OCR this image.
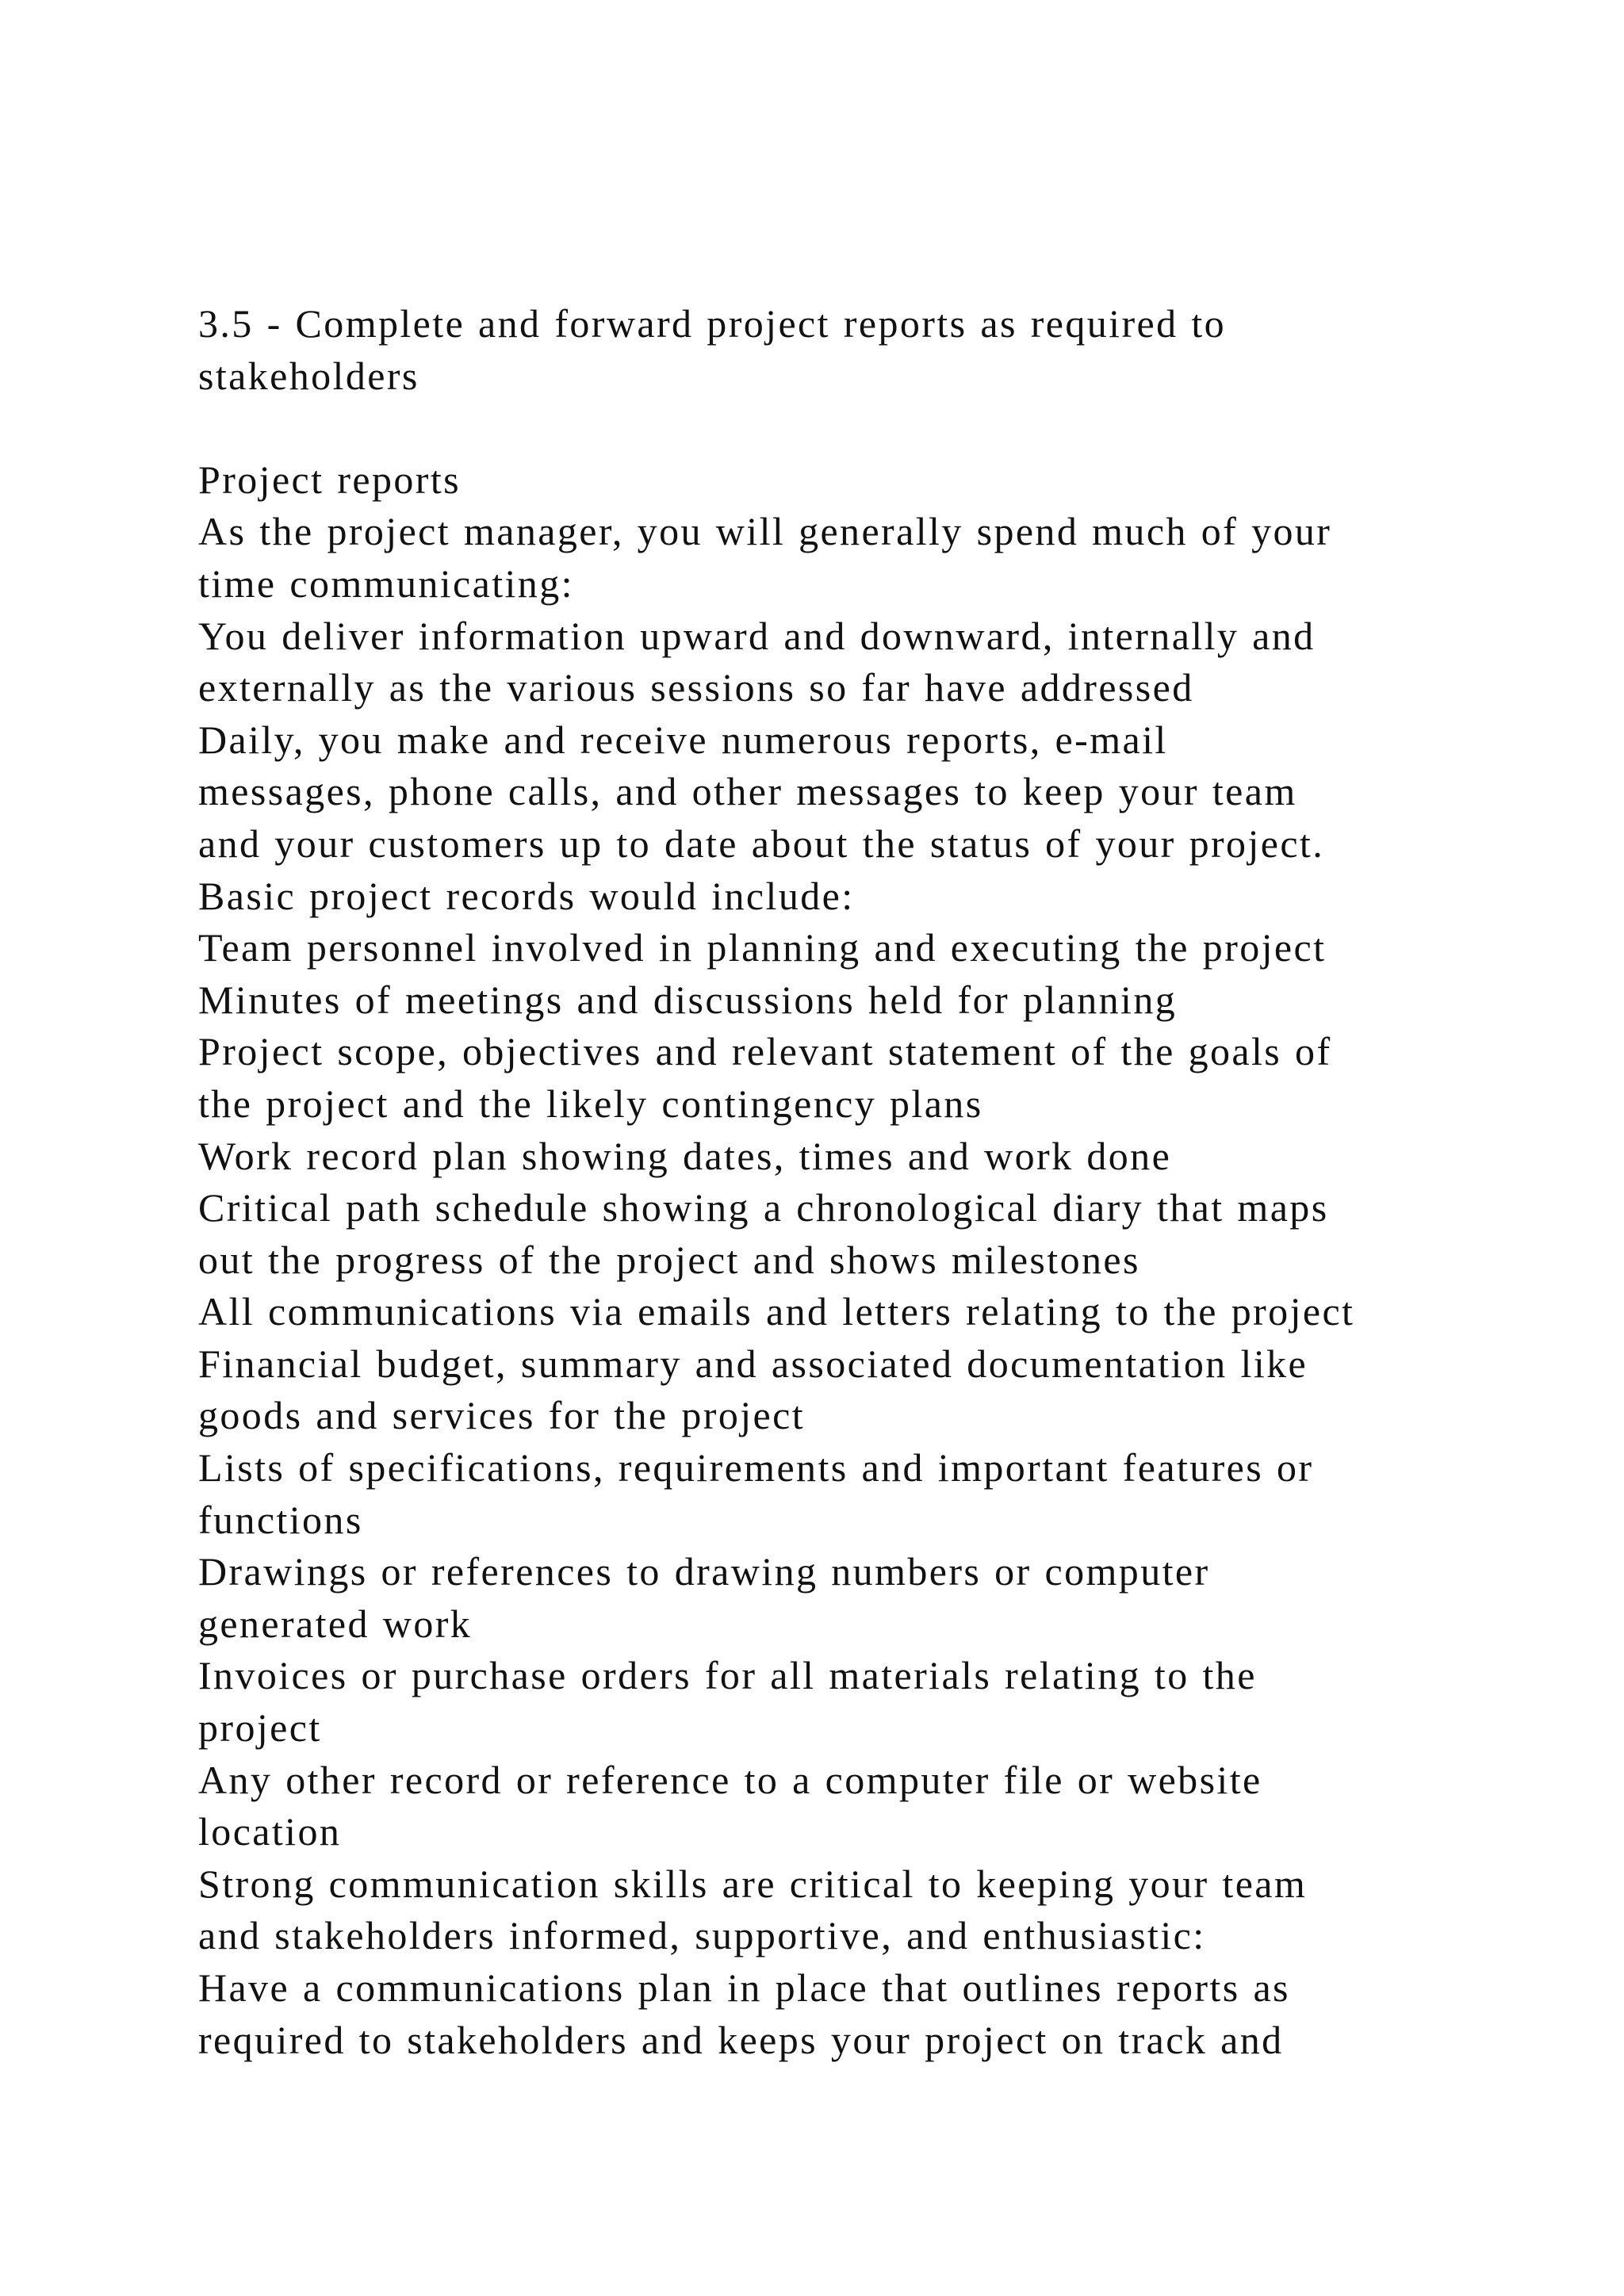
3.5 - Complete and forward project reports as required to
stakeholders
Project reports
As the project manager, you will generally spend much of your
time communicating:
You deliver information upward and downward, internally and
externally as the various sessions so far have addressed
Daily, you make and receive numerous reports, e-mail
messages, phone calls, and other messages to keep your team
and your customers up to date about the status of your project.
Basic project records would include:
Team personnel involved in planning and executing the project
Minutes of meetings and discussions held for planning
Project scope, objectives and relevant statement of the goals of
the project and the likely contingency plans
Work record plan showing dates, times and work done
Critical path schedule showing a chronological diary that maps
out the progress of the project and shows milestones
All communications via emails and letters relating to the project
Financial budget, summary and associated documentation like
goods and services for the project
Lists of specifications, requirements and important features or
functions
Drawings or references to drawing numbers or computer
generated work
Invoices or purchase orders for all materials relating to the
project
Any other record or reference to a computer file or website
location
Strong communication skills are critical to keeping your team
and stakeholders informed, supportive, and enthusiastic:
Have a communications plan in place that outlines reports as
required to stakeholders and keeps your project on track and
